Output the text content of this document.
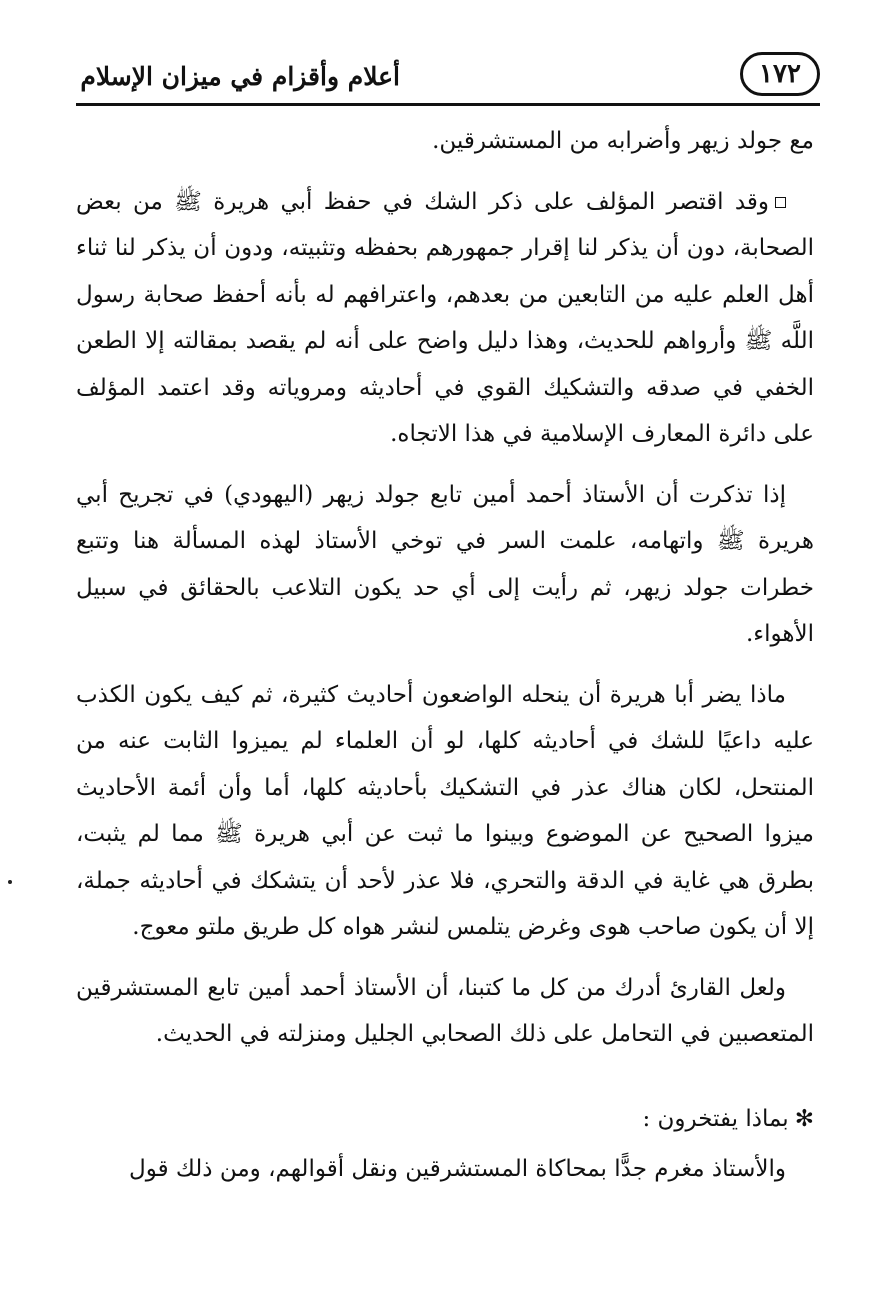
١٧٢
أعلام وأقزام في ميزان الإسلام

مع جولد زيهر وأضرابه من المستشرقين.

وقد اقتصر المؤلف على ذكر الشك في حفظ أبي هريرة ﷺ من بعض الصحابة، دون أن يذكر لنا إقرار جمهورهم بحفظه وتثبيته، ودون أن يذكر لنا ثناء أهل العلم عليه من التابعين من بعدهم، واعترافهم له بأنه أحفظ صحابة رسول اللَّه ﷺ وأرواهم للحديث، وهذا دليل واضح على أنه لم يقصد بمقالته إلا الطعن الخفي في صدقه والتشكيك القوي في أحاديثه ومروياته وقد اعتمد المؤلف على دائرة المعارف الإسلامية في هذا الاتجاه.

إذا تذكرت أن الأستاذ أحمد أمين تابع جولد زيهر (اليهودي) في تجريح أبي هريرة ﷺ واتهامه، علمت السر في توخي الأستاذ لهذه المسألة هنا وتتبع خطرات جولد زيهر، ثم رأيت إلى أي حد يكون التلاعب بالحقائق في سبيل الأهواء.

ماذا يضر أبا هريرة أن ينحله الواضعون أحاديث كثيرة، ثم كيف يكون الكذب عليه داعيًا للشك في أحاديثه كلها، لو أن العلماء لم يميزوا الثابت عنه من المنتحل، لكان هناك عذر في التشكيك بأحاديثه كلها، أما وأن أئمة الأحاديث ميزوا الصحيح عن الموضوع وبينوا ما ثبت عن أبي هريرة ﷺ مما لم يثبت، بطرق هي غاية في الدقة والتحري، فلا عذر لأحد أن يتشكك في أحاديثه جملة، إلا أن يكون صاحب هوى وغرض يتلمس لنشر هواه كل طريق ملتو معوج.

ولعل القارئ أدرك من كل ما كتبنا، أن الأستاذ أحمد أمين تابع المستشرقين المتعصبين في التحامل على ذلك الصحابي الجليل ومنزلته في الحديث.

✻بماذا يفتخرون :

والأستاذ مغرم جدًّا بمحاكاة المستشرقين ونقل أقوالهم، ومن ذلك قول
